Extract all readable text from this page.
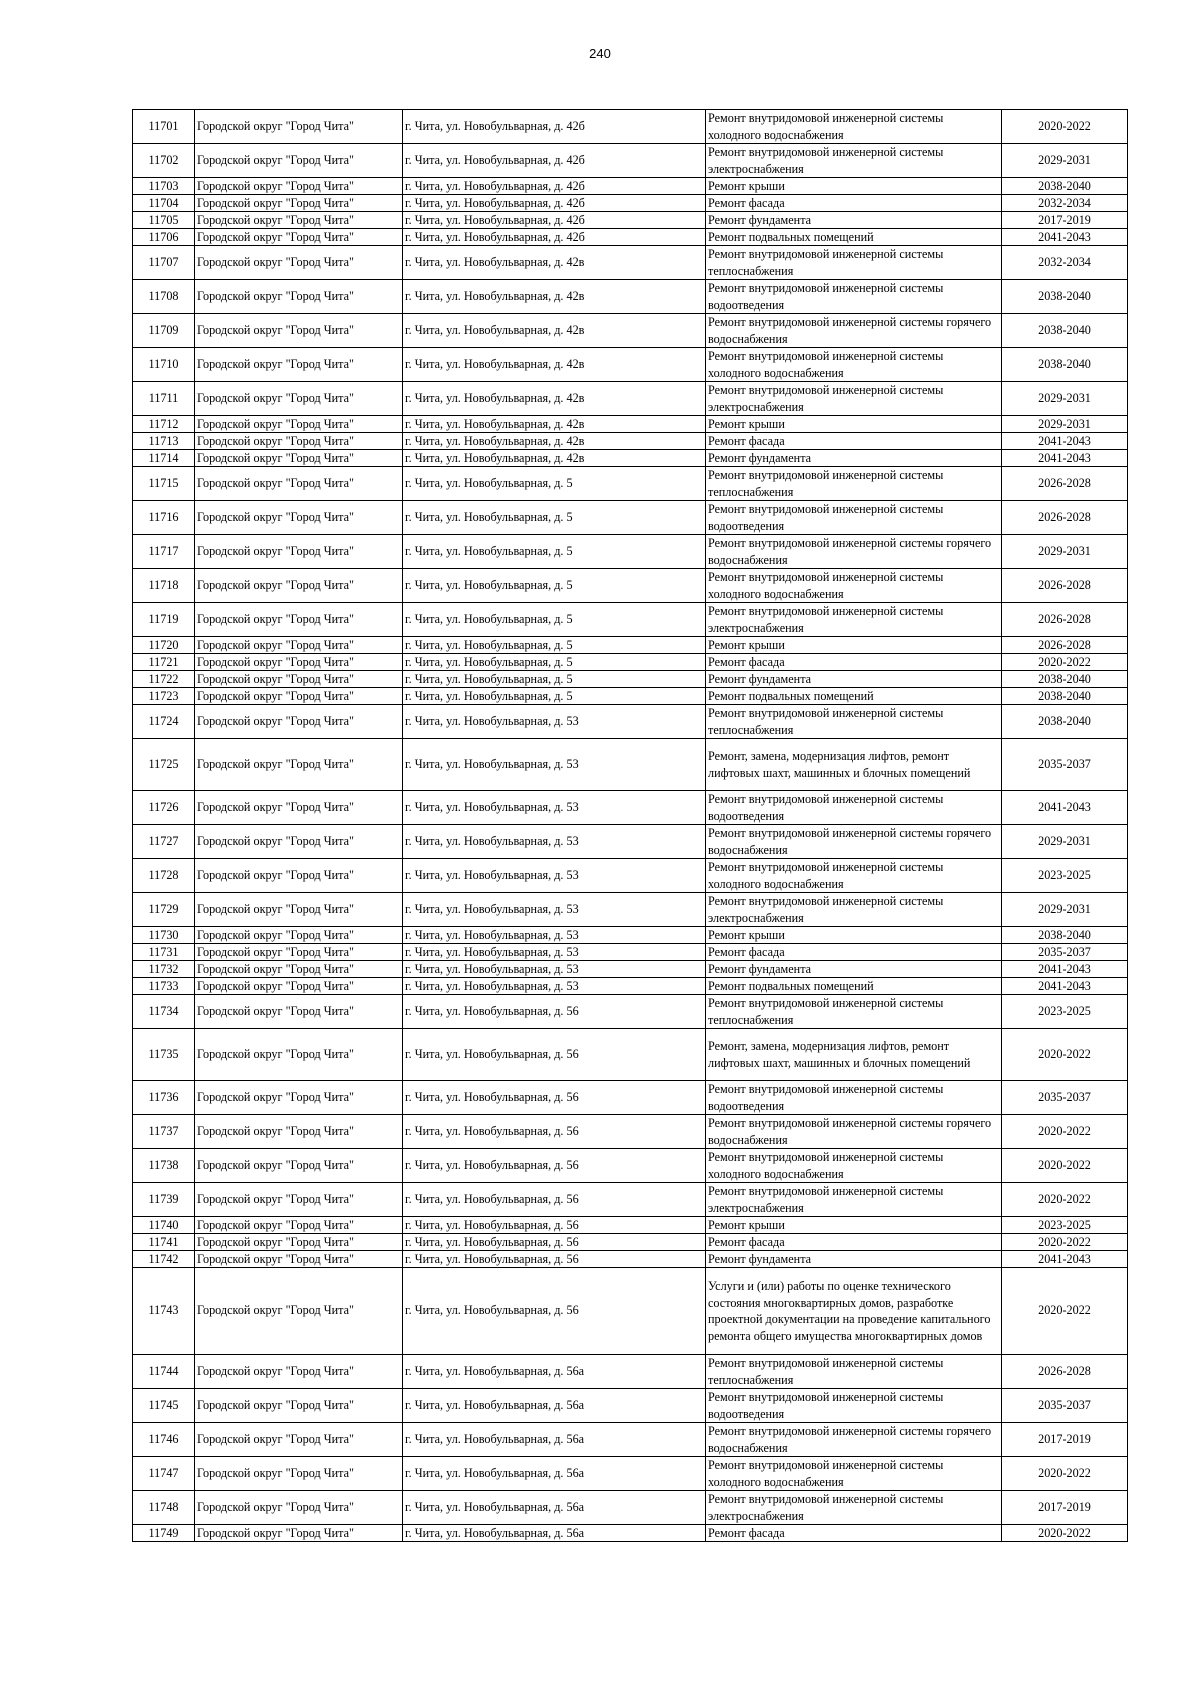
240
11701	Городской округ "Город Чита"	г. Чита, ул. Новобульварная, д. 42б	Ремонт внутридомовой инженерной системы холодного водоснабжения	2020-2022
11702	Городской округ "Город Чита"	г. Чита, ул. Новобульварная, д. 42б	Ремонт внутридомовой инженерной системы электроснабжения	2029-2031
11703	Городской округ "Город Чита"	г. Чита, ул. Новобульварная, д. 42б	Ремонт крыши	2038-2040
11704	Городской округ "Город Чита"	г. Чита, ул. Новобульварная, д. 42б	Ремонт фасада	2032-2034
11705	Городской округ "Город Чита"	г. Чита, ул. Новобульварная, д. 42б	Ремонт фундамента	2017-2019
11706	Городской округ "Город Чита"	г. Чита, ул. Новобульварная, д. 42б	Ремонт подвальных помещений	2041-2043
11707	Городской округ "Город Чита"	г. Чита, ул. Новобульварная, д. 42в	Ремонт внутридомовой инженерной системы теплоснабжения	2032-2034
11708	Городской округ "Город Чита"	г. Чита, ул. Новобульварная, д. 42в	Ремонт внутридомовой инженерной системы водоотведения	2038-2040
11709	Городской округ "Город Чита"	г. Чита, ул. Новобульварная, д. 42в	Ремонт внутридомовой инженерной системы горячего водоснабжения	2038-2040
11710	Городской округ "Город Чита"	г. Чита, ул. Новобульварная, д. 42в	Ремонт внутридомовой инженерной системы холодного водоснабжения	2038-2040
11711	Городской округ "Город Чита"	г. Чита, ул. Новобульварная, д. 42в	Ремонт внутридомовой инженерной системы электроснабжения	2029-2031
11712	Городской округ "Город Чита"	г. Чита, ул. Новобульварная, д. 42в	Ремонт крыши	2029-2031
11713	Городской округ "Город Чита"	г. Чита, ул. Новобульварная, д. 42в	Ремонт фасада	2041-2043
11714	Городской округ "Город Чита"	г. Чита, ул. Новобульварная, д. 42в	Ремонт фундамента	2041-2043
11715	Городской округ "Город Чита"	г. Чита, ул. Новобульварная, д. 5	Ремонт внутридомовой инженерной системы теплоснабжения	2026-2028
11716	Городской округ "Город Чита"	г. Чита, ул. Новобульварная, д. 5	Ремонт внутридомовой инженерной системы водоотведения	2026-2028
11717	Городской округ "Город Чита"	г. Чита, ул. Новобульварная, д. 5	Ремонт внутридомовой инженерной системы горячего водоснабжения	2029-2031
11718	Городской округ "Город Чита"	г. Чита, ул. Новобульварная, д. 5	Ремонт внутридомовой инженерной системы холодного водоснабжения	2026-2028
11719	Городской округ "Город Чита"	г. Чита, ул. Новобульварная, д. 5	Ремонт внутридомовой инженерной системы электроснабжения	2026-2028
11720	Городской округ "Город Чита"	г. Чита, ул. Новобульварная, д. 5	Ремонт крыши	2026-2028
11721	Городской округ "Город Чита"	г. Чита, ул. Новобульварная, д. 5	Ремонт фасада	2020-2022
11722	Городской округ "Город Чита"	г. Чита, ул. Новобульварная, д. 5	Ремонт фундамента	2038-2040
11723	Городской округ "Город Чита"	г. Чита, ул. Новобульварная, д. 5	Ремонт подвальных помещений	2038-2040
11724	Городской округ "Город Чита"	г. Чита, ул. Новобульварная, д. 53	Ремонт внутридомовой инженерной системы теплоснабжения	2038-2040
11725	Городской округ "Город Чита"	г. Чита, ул. Новобульварная, д. 53	Ремонт, замена, модернизация лифтов, ремонт лифтовых шахт, машинных и блочных помещений	2035-2037
11726	Городской округ "Город Чита"	г. Чита, ул. Новобульварная, д. 53	Ремонт внутридомовой инженерной системы водоотведения	2041-2043
11727	Городской округ "Город Чита"	г. Чита, ул. Новобульварная, д. 53	Ремонт внутридомовой инженерной системы горячего водоснабжения	2029-2031
11728	Городской округ "Город Чита"	г. Чита, ул. Новобульварная, д. 53	Ремонт внутридомовой инженерной системы холодного водоснабжения	2023-2025
11729	Городской округ "Город Чита"	г. Чита, ул. Новобульварная, д. 53	Ремонт внутридомовой инженерной системы электроснабжения	2029-2031
11730	Городской округ "Город Чита"	г. Чита, ул. Новобульварная, д. 53	Ремонт крыши	2038-2040
11731	Городской округ "Город Чита"	г. Чита, ул. Новобульварная, д. 53	Ремонт фасада	2035-2037
11732	Городской округ "Город Чита"	г. Чита, ул. Новобульварная, д. 53	Ремонт фундамента	2041-2043
11733	Городской округ "Город Чита"	г. Чита, ул. Новобульварная, д. 53	Ремонт подвальных помещений	2041-2043
11734	Городской округ "Город Чита"	г. Чита, ул. Новобульварная, д. 56	Ремонт внутридомовой инженерной системы теплоснабжения	2023-2025
11735	Городской округ "Город Чита"	г. Чита, ул. Новобульварная, д. 56	Ремонт, замена, модернизация лифтов, ремонт лифтовых шахт, машинных и блочных помещений	2020-2022
11736	Городской округ "Город Чита"	г. Чита, ул. Новобульварная, д. 56	Ремонт внутридомовой инженерной системы водоотведения	2035-2037
11737	Городской округ "Город Чита"	г. Чита, ул. Новобульварная, д. 56	Ремонт внутридомовой инженерной системы горячего водоснабжения	2020-2022
11738	Городской округ "Город Чита"	г. Чита, ул. Новобульварная, д. 56	Ремонт внутридомовой инженерной системы холодного водоснабжения	2020-2022
11739	Городской округ "Город Чита"	г. Чита, ул. Новобульварная, д. 56	Ремонт внутридомовой инженерной системы электроснабжения	2020-2022
11740	Городской округ "Город Чита"	г. Чита, ул. Новобульварная, д. 56	Ремонт крыши	2023-2025
11741	Городской округ "Город Чита"	г. Чита, ул. Новобульварная, д. 56	Ремонт фасада	2020-2022
11742	Городской округ "Город Чита"	г. Чита, ул. Новобульварная, д. 56	Ремонт фундамента	2041-2043
11743	Городской округ "Город Чита"	г. Чита, ул. Новобульварная, д. 56	Услуги и (или) работы по оценке технического состояния многоквартирных домов, разработке проектной документации на проведение капитального ремонта общего имущества многоквартирных домов	2020-2022
11744	Городской округ "Город Чита"	г. Чита, ул. Новобульварная, д. 56а	Ремонт внутридомовой инженерной системы теплоснабжения	2026-2028
11745	Городской округ "Город Чита"	г. Чита, ул. Новобульварная, д. 56а	Ремонт внутридомовой инженерной системы водоотведения	2035-2037
11746	Городской округ "Город Чита"	г. Чита, ул. Новобульварная, д. 56а	Ремонт внутридомовой инженерной системы горячего водоснабжения	2017-2019
11747	Городской округ "Город Чита"	г. Чита, ул. Новобульварная, д. 56а	Ремонт внутридомовой инженерной системы холодного водоснабжения	2020-2022
11748	Городской округ "Город Чита"	г. Чита, ул. Новобульварная, д. 56а	Ремонт внутридомовой инженерной системы электроснабжения	2017-2019
11749	Городской округ "Город Чита"	г. Чита, ул. Новобульварная, д. 56а	Ремонт фасада	2020-2022
